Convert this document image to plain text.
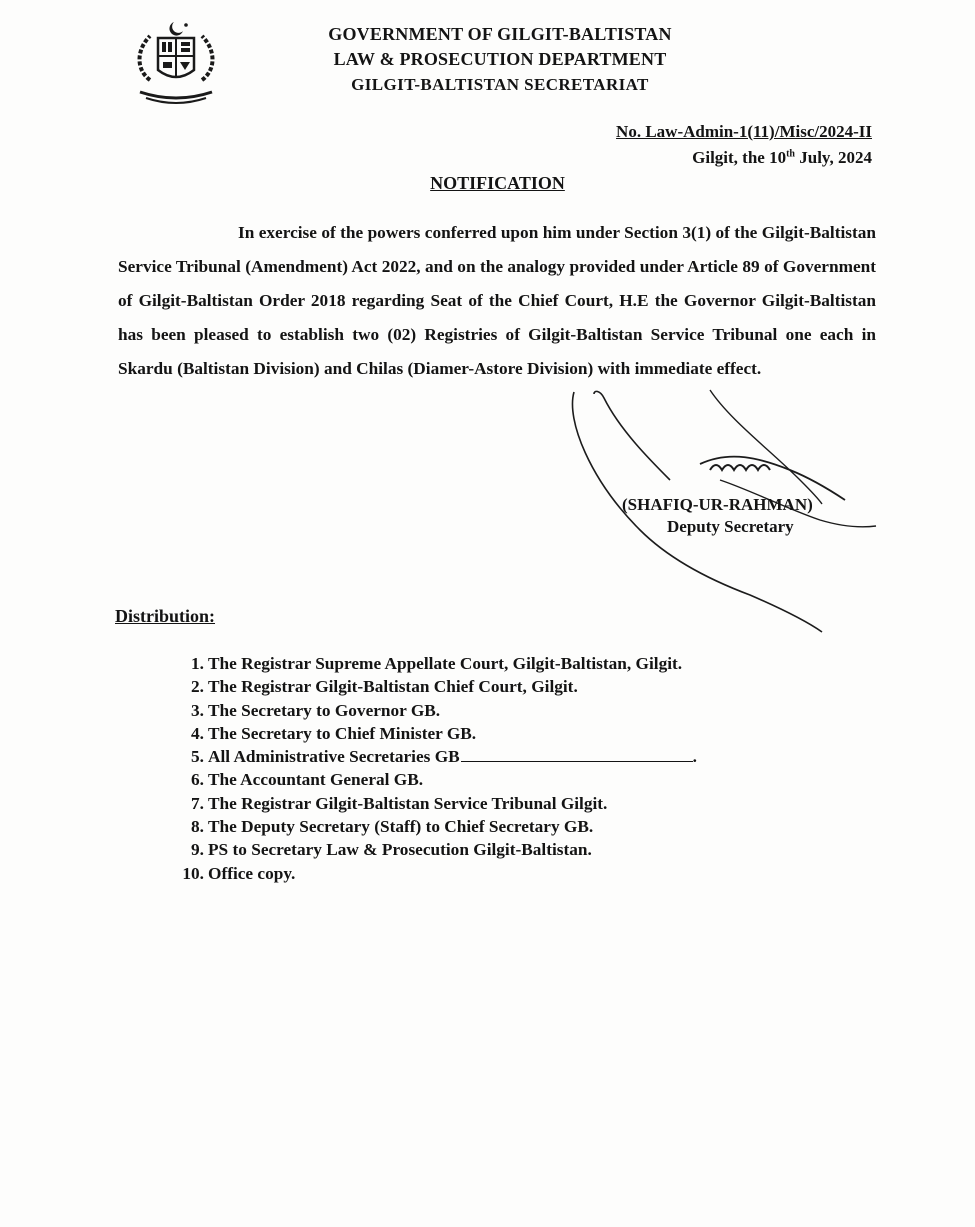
GOVERNMENT OF GILGIT-BALTISTAN
LAW & PROSECUTION DEPARTMENT
GILGIT-BALTISTAN SECRETARIAT
No. Law-Admin-1(11)/Misc/2024-II
Gilgit, the 10th July, 2024
NOTIFICATION
In exercise of the powers conferred upon him under Section 3(1) of the Gilgit-Baltistan Service Tribunal (Amendment) Act 2022, and on the analogy provided under Article 89 of Government of Gilgit-Baltistan Order 2018 regarding Seat of the Chief Court, H.E the Governor Gilgit-Baltistan has been pleased to establish two (02) Registries of Gilgit-Baltistan Service Tribunal one each in Skardu (Baltistan Division) and Chilas (Diamer-Astore Division) with immediate effect.
(SHAFIQ-UR-RAHMAN)
Deputy Secretary
Distribution:
1. The Registrar Supreme Appellate Court, Gilgit-Baltistan, Gilgit.
2. The Registrar Gilgit-Baltistan Chief Court, Gilgit.
3. The Secretary to Governor GB.
4. The Secretary to Chief Minister GB.
5. All Administrative Secretaries GB	.
6. The Accountant General GB.
7. The Registrar Gilgit-Baltistan Service Tribunal Gilgit.
8. The Deputy Secretary (Staff) to Chief Secretary GB.
9. PS to Secretary Law & Prosecution Gilgit-Baltistan.
10. Office copy.
